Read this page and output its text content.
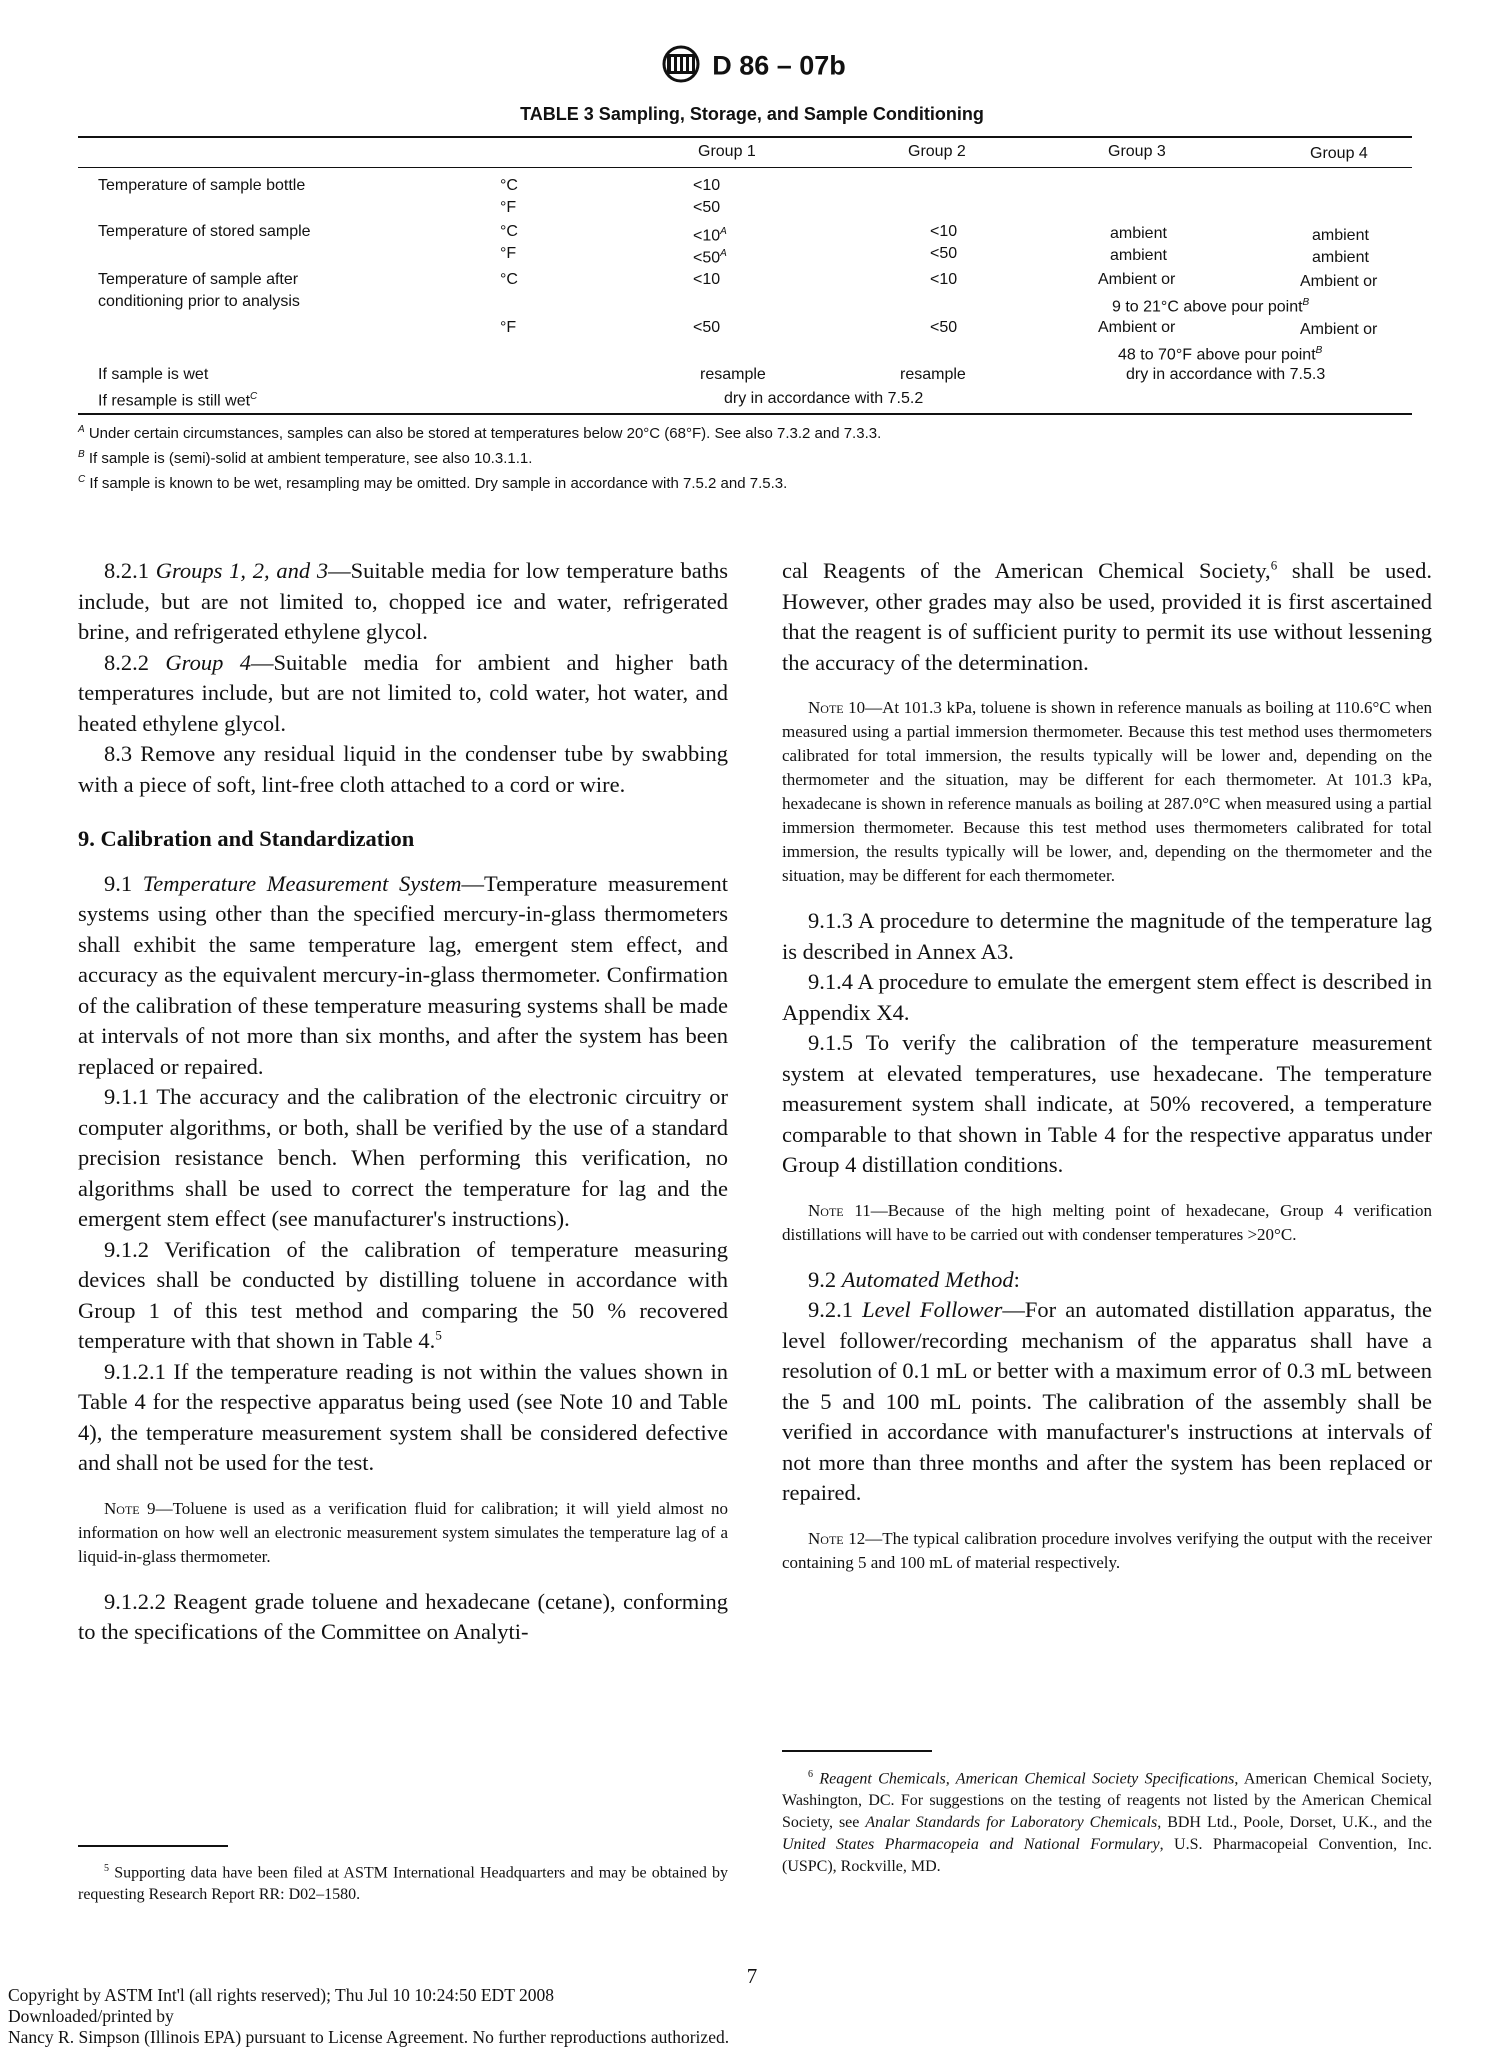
D 86 – 07b
TABLE 3 Sampling, Storage, and Sample Conditioning
Group 1	Group 2	Group 3	Group 4
Temperature of sample bottle	°C	<10
°F	<50
Temperature of stored sample	°C	$<10^A$	<10	ambient	ambient
°F	$<50^A$	<50	ambient	ambient
Temperature of sample after
conditioning prior to analysis
°C	<10	<10	Ambient or	Ambient or
9 to 21°C above pour point$^B$
°F	<50	<50	Ambient or	Ambient or
48 to 70°F above pour point$^B$
If sample is wet	resample	resample	dry in accordance with 7.5.3
If resample is still wet$^C$	dry in accordance with 7.5.2
$^A$ Under certain circumstances, samples can also be stored at temperatures below 20°C (68°F). See also 7.3.2 and 7.3.3.
$^B$ If sample is (semi)-solid at ambient temperature, see also 10.3.1.1.
$^C$ If sample is known to be wet, resampling may be omitted. Dry sample in accordance with 7.5.2 and 7.5.3.

8.2.1 Groups 1, 2, and 3—Suitable media for low temperature baths include, but are not limited to, chopped ice and water, refrigerated brine, and refrigerated ethylene glycol.

8.2.2 Group 4—Suitable media for ambient and higher bath temperatures include, but are not limited to, cold water, hot water, and heated ethylene glycol.

8.3 Remove any residual liquid in the condenser tube by swabbing with a piece of soft, lint-free cloth attached to a cord or wire.

9. Calibration and Standardization

9.1 Temperature Measurement System—Temperature measurement systems using other than the specified mercury-in-glass thermometers shall exhibit the same temperature lag, emergent stem effect, and accuracy as the equivalent mercury-in-glass thermometer. Confirmation of the calibration of these temperature measuring systems shall be made at intervals of not more than six months, and after the system has been replaced or repaired.

9.1.1 The accuracy and the calibration of the electronic circuitry or computer algorithms, or both, shall be verified by the use of a standard precision resistance bench. When performing this verification, no algorithms shall be used to correct the temperature for lag and the emergent stem effect (see manufacturer's instructions).

9.1.2 Verification of the calibration of temperature measuring devices shall be conducted by distilling toluene in accordance with Group 1 of this test method and comparing the 50 % recovered temperature with that shown in Table 4.$^5$

9.1.2.1 If the temperature reading is not within the values shown in Table 4 for the respective apparatus being used (see Note 10 and Table 4), the temperature measurement system shall be considered defective and shall not be used for the test.

Note 9—Toluene is used as a verification fluid for calibration; it will yield almost no information on how well an electronic measurement system simulates the temperature lag of a liquid-in-glass thermometer.

9.1.2.2 Reagent grade toluene and hexadecane (cetane), conforming to the specifications of the Committee on Analyti-

cal Reagents of the American Chemical Society,$^6$ shall be used. However, other grades may also be used, provided it is first ascertained that the reagent is of sufficient purity to permit its use without lessening the accuracy of the determination.

Note 10—At 101.3 kPa, toluene is shown in reference manuals as boiling at 110.6°C when measured using a partial immersion thermometer. Because this test method uses thermometers calibrated for total immersion, the results typically will be lower and, depending on the thermometer and the situation, may be different for each thermometer. At 101.3 kPa, hexadecane is shown in reference manuals as boiling at 287.0°C when measured using a partial immersion thermometer. Because this test method uses thermometers calibrated for total immersion, the results typically will be lower, and, depending on the thermometer and the situation, may be different for each thermometer.

9.1.3 A procedure to determine the magnitude of the temperature lag is described in Annex A3.

9.1.4 A procedure to emulate the emergent stem effect is described in Appendix X4.

9.1.5 To verify the calibration of the temperature measurement system at elevated temperatures, use hexadecane. The temperature measurement system shall indicate, at 50% recovered, a temperature comparable to that shown in Table 4 for the respective apparatus under Group 4 distillation conditions.

Note 11—Because of the high melting point of hexadecane, Group 4 verification distillations will have to be carried out with condenser temperatures >20°C.

9.2 Automated Method:

9.2.1 Level Follower—For an automated distillation apparatus, the level follower/recording mechanism of the apparatus shall have a resolution of 0.1 mL or better with a maximum error of 0.3 mL between the 5 and 100 mL points. The calibration of the assembly shall be verified in accordance with manufacturer's instructions at intervals of not more than three months and after the system has been replaced or repaired.

Note 12—The typical calibration procedure involves verifying the output with the receiver containing 5 and 100 mL of material respectively.

$^5$ Supporting data have been filed at ASTM International Headquarters and may be obtained by requesting Research Report RR: D02–1580.

$^6$ Reagent Chemicals, American Chemical Society Specifications, American Chemical Society, Washington, DC. For suggestions on the testing of reagents not listed by the American Chemical Society, see Analar Standards for Laboratory Chemicals, BDH Ltd., Poole, Dorset, U.K., and the United States Pharmacopeia and National Formulary, U.S. Pharmacopeial Convention, Inc. (USPC), Rockville, MD.

7
Copyright by ASTM Int'l (all rights reserved); Thu Jul 10 10:24:50 EDT 2008
Downloaded/printed by
Nancy R. Simpson (Illinois EPA) pursuant to License Agreement. No further reproductions authorized.
